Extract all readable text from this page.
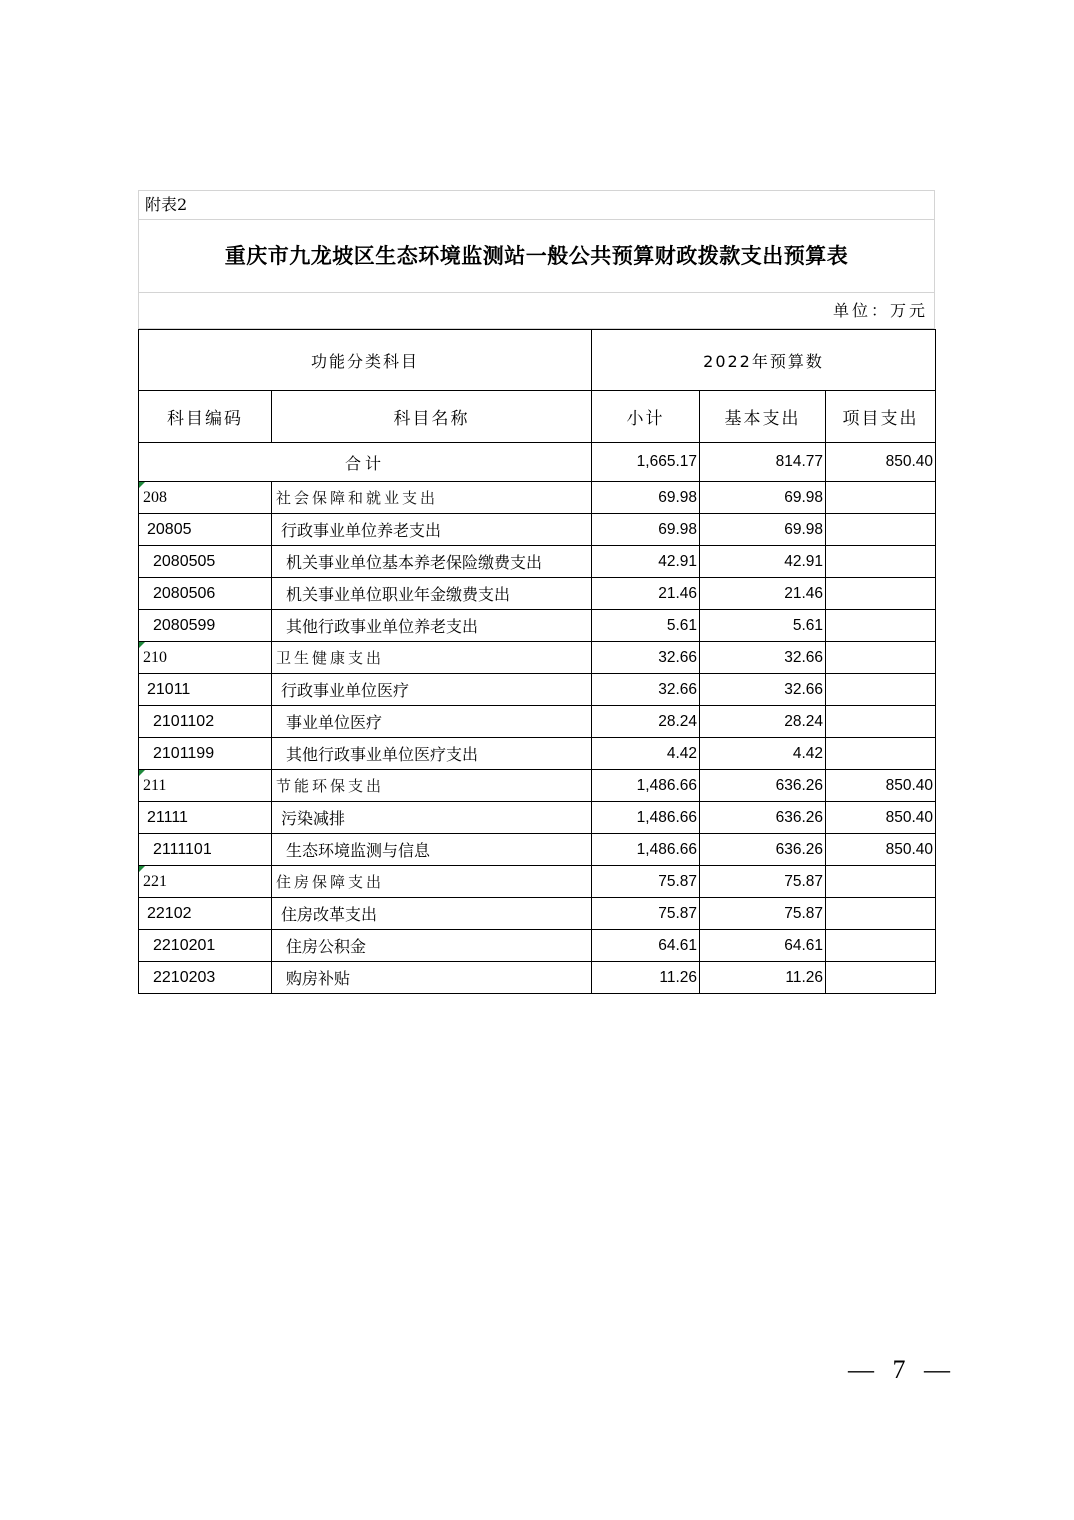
附表2
重庆市九龙坡区生态环境监测站一般公共预算财政拨款支出预算表
单位：万元
功能分类科目		2022年预算数		
科目编码	科目名称	小计	基本支出	项目支出
合计		1,665.17	814.77	850.40
208	社会保障和就业支出	69.98	69.98	
20805	行政事业单位养老支出	69.98	69.98	
2080505	机关事业单位基本养老保险缴费支出	42.91	42.91	
2080506	机关事业单位职业年金缴费支出	21.46	21.46	
2080599	其他行政事业单位养老支出	5.61	5.61	
210	卫生健康支出	32.66	32.66	
21011	行政事业单位医疗	32.66	32.66	
2101102	事业单位医疗	28.24	28.24	
2101199	其他行政事业单位医疗支出	4.42	4.42	
211	节能环保支出	1,486.66	636.26	850.40
21111	污染减排	1,486.66	636.26	850.40
2111101	生态环境监测与信息	1,486.66	636.26	850.40
221	住房保障支出	75.87	75.87	
22102	住房改革支出	75.87	75.87	
2210201	住房公积金	64.61	64.61	
2210203	购房补贴	11.26	11.26	
— 7 —
